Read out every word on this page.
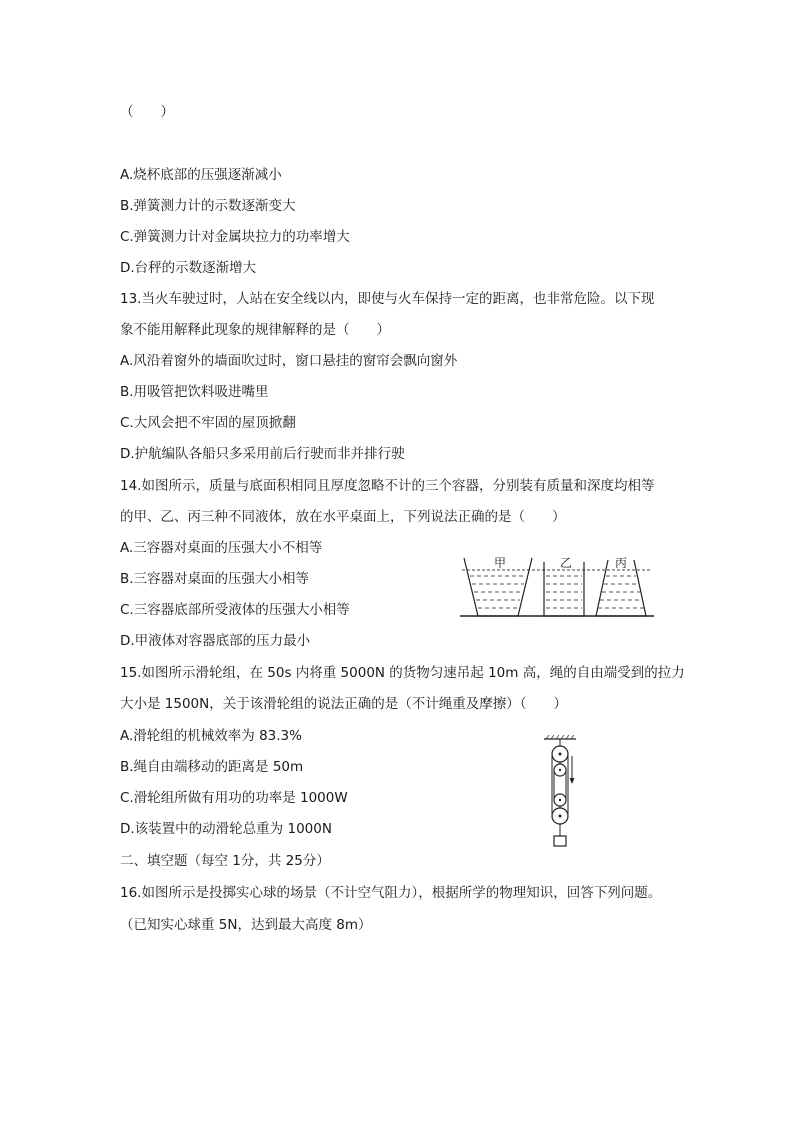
（　　）
A.烧杯底部的压强逐渐减小
B.弹簧测力计的示数逐渐变大
C.弹簧测力计对金属块拉力的功率增大
D.台秤的示数逐渐增大
13.当火车驶过时，人站在安全线以内，即使与火车保持一定的距离，也非常危险。以下现
象不能用解释此现象的规律解释的是（　　）
A.风沿着窗外的墙面吹过时，窗口悬挂的窗帘会飘向窗外
B.用吸管把饮料吸进嘴里
C.大风会把不牢固的屋顶掀翻
D.护航编队各船只多采用前后行驶而非并排行驶
14.如图所示，质量与底面积相同且厚度忽略不计的三个容器，分别装有质量和深度均相等
的甲、乙、丙三种不同液体，放在水平桌面上，下列说法正确的是（　　）
A.三容器对桌面的压强大小不相等
B.三容器对桌面的压强大小相等
C.三容器底部所受液体的压强大小相等
D.甲液体对容器底部的压力最小
甲	乙	丙
15.如图所示滑轮组，在 50s 内将重 5000N 的货物匀速吊起 10m 高，绳的自由端受到的拉力
大小是 1500N，关于该滑轮组的说法正确的是（不计绳重及摩擦）（　　）
A.滑轮组的机械效率为 83.3%
B.绳自由端移动的距离是 50m
C.滑轮组所做有用功的功率是 1000W
D.该装置中的动滑轮总重为 1000N
二、填空题（每空 1分，共 25分）
16.如图所示是投掷实心球的场景（不计空气阻力），根据所学的物理知识，回答下列问题。
（已知实心球重 5N，达到最大高度 8m）
